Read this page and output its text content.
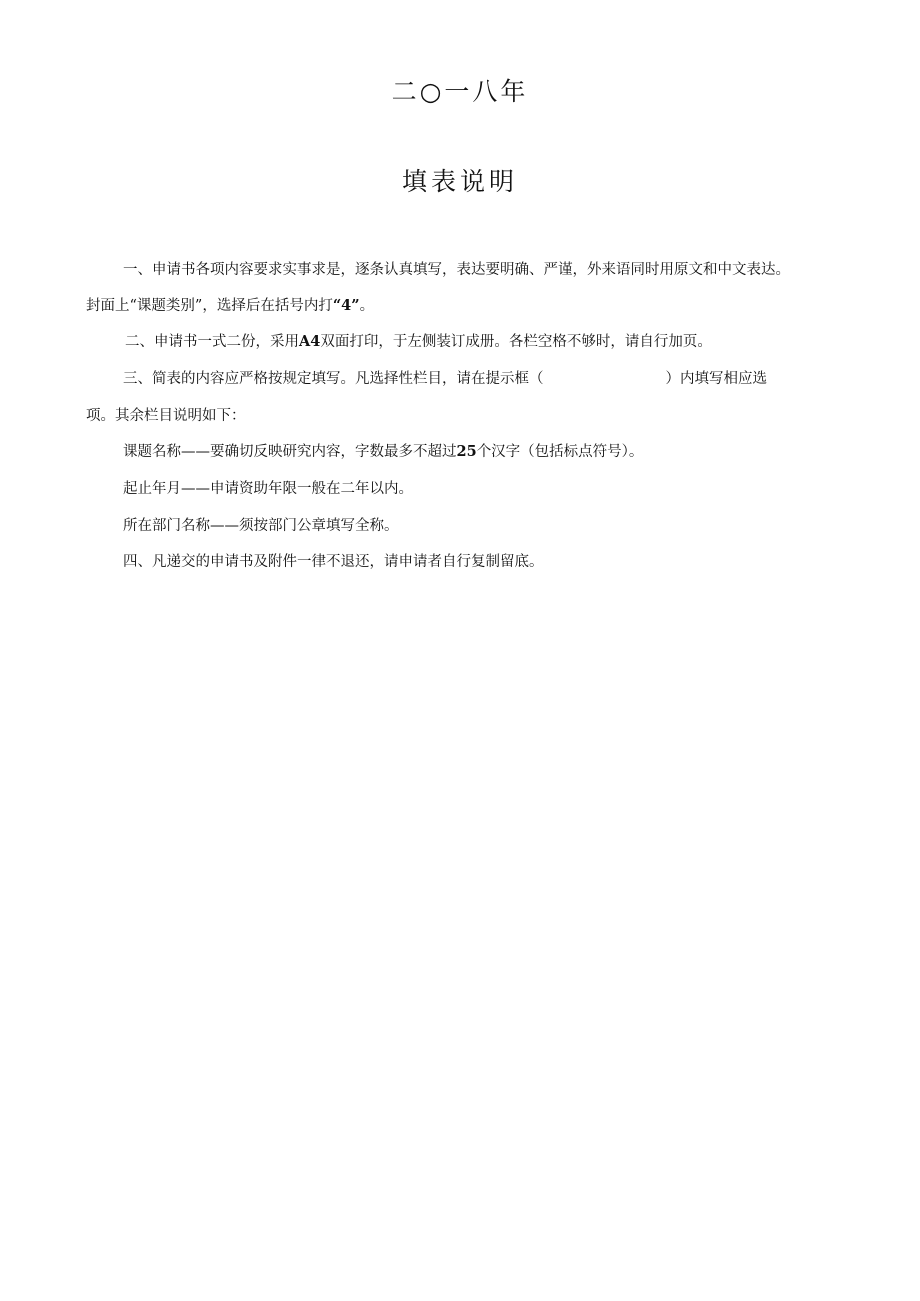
二○一八年
填表说明
一、申请书各项内容要求实事求是，逐条认真填写，表达要明确、严谨，外来语同时用原文和中文表达。
封面上“课题类别”，选择后在括号内打“4”。
二、申请书一式二份，采用A4双面打印，于左侧装订成册。各栏空格不够时，请自行加页。
三、简表的内容应严格按规定填写。凡选择性栏目，请在提示框（	）内填写相应选
项。其余栏目说明如下：
课题名称——要确切反映研究内容，字数最多不超过25个汉字（包括标点符号）。
起止年月——申请资助年限一般在二年以内。
所在部门名称——须按部门公章填写全称。
四、凡递交的申请书及附件一律不退还，请申请者自行复制留底。
